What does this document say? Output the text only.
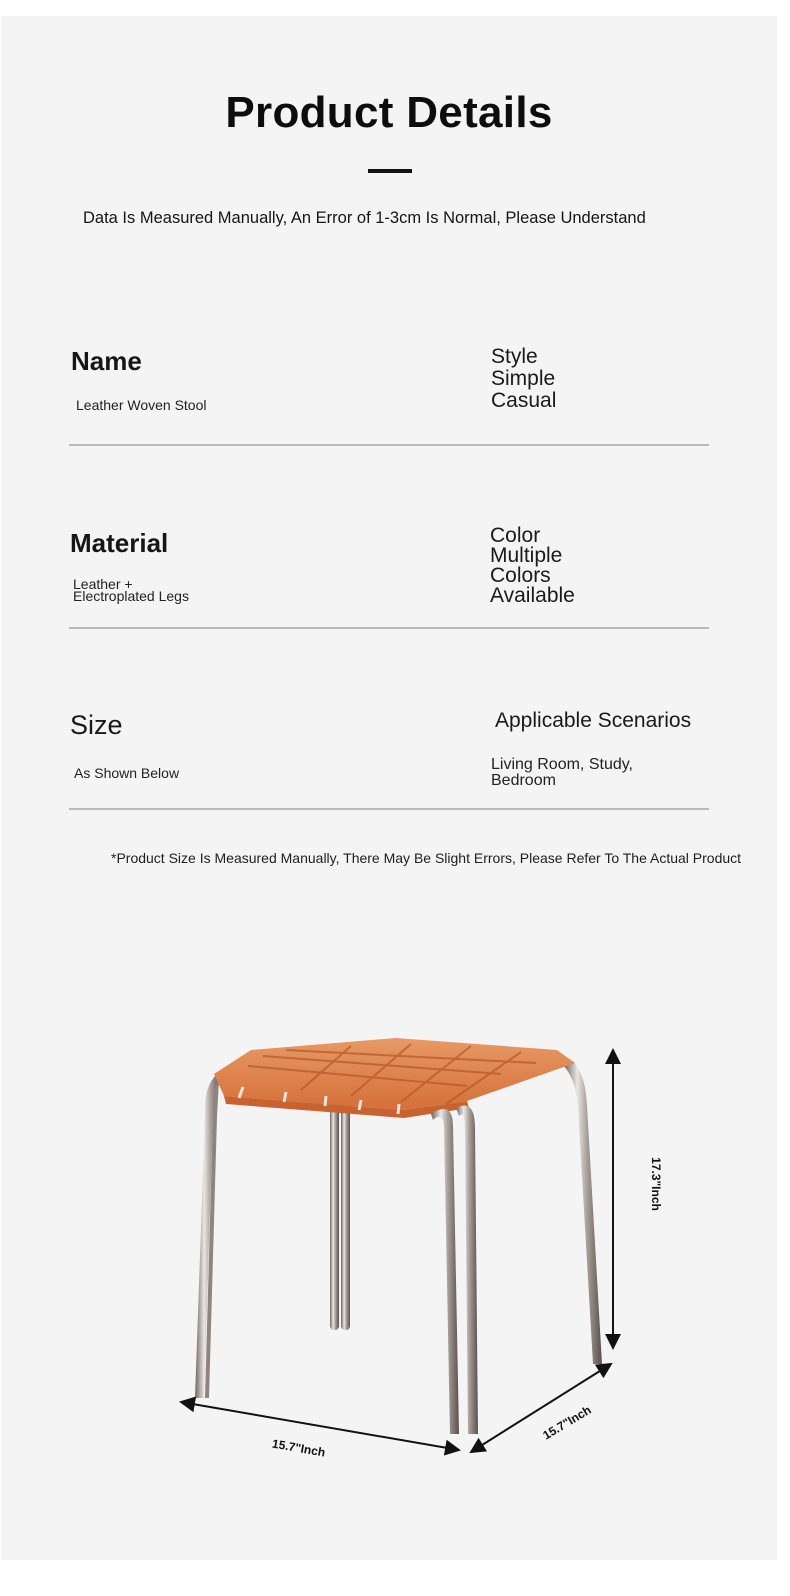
Product Details
Data Is Measured Manually, An Error of 1-3cm Is Normal, Please Understand
Name
Leather Woven Stool
Style
Simple
Casual
Material
Leather +
Electroplated Legs
Color
Multiple
Colors
Available
Size
As Shown Below
Applicable Scenarios
Living Room, Study,
Bedroom
*Product Size Is Measured Manually, There May Be Slight Errors, Please Refer To The Actual Product
17.3"Inch
15.7"Inch
15.7"Inch
